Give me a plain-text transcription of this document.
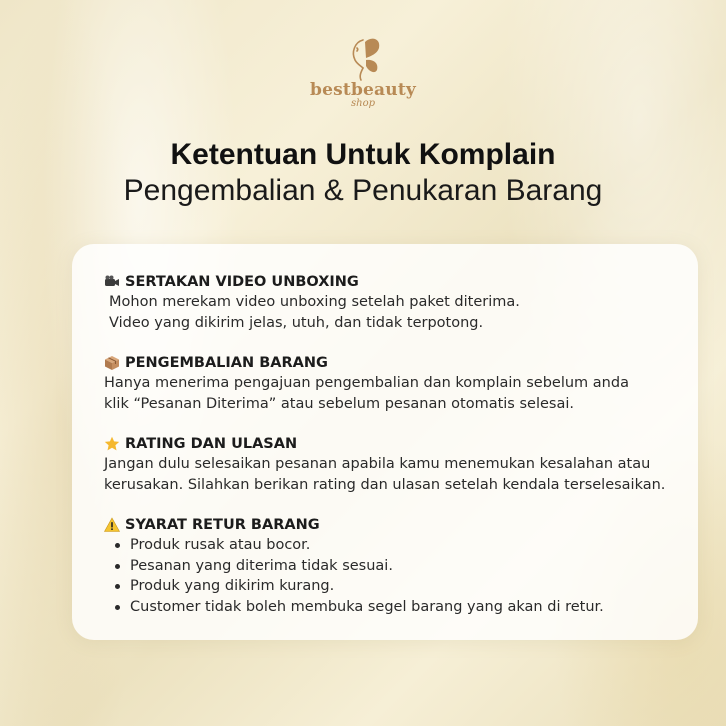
bestbeauty
shop
Ketentuan Untuk Komplain
Pengembalian & Penukaran Barang
SERTAKAN VIDEO UNBOXING
Mohon merekam video unboxing setelah paket diterima.
Video yang dikirim jelas, utuh, dan tidak terpotong.
PENGEMBALIAN BARANG
Hanya menerima pengajuan pengembalian dan komplain sebelum anda
klik “Pesanan Diterima” atau sebelum pesanan otomatis selesai.
RATING DAN ULASAN
Jangan dulu selesaikan pesanan apabila kamu menemukan kesalahan atau
kerusakan. Silahkan berikan rating dan ulasan setelah kendala terselesaikan.
SYARAT RETUR BARANG
Produk rusak atau bocor.
Pesanan yang diterima tidak sesuai.
Produk yang dikirim kurang.
Customer tidak boleh membuka segel barang yang akan di retur.
